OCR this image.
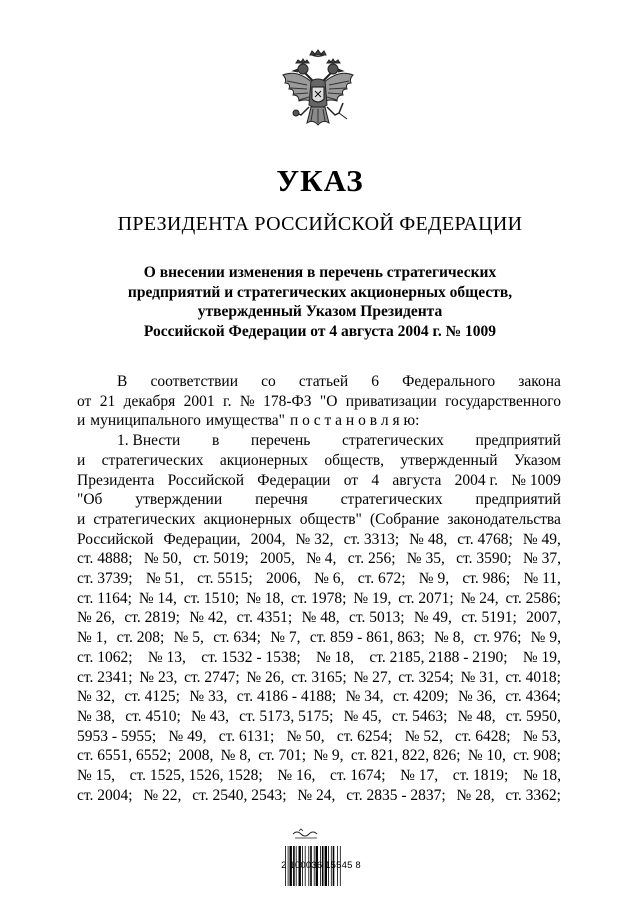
УКАЗ
ПРЕЗИДЕНТА РОССИЙСКОЙ ФЕДЕРАЦИИ
О внесении изменения в перечень стратегических
предприятий и стратегических акционерных обществ,
утвержденный Указом Президента
Российской Федерации от 4 августа 2004 г. № 1009
В соответствии со статьей 6 Федерального закона
от 21 декабря 2001 г. № 178-ФЗ "О приватизации государственного
и муниципального имущества" п о с т а н о в л я ю:
1. Внести в перечень стратегических предприятий
и стратегических акционерных обществ, утвержденный Указом
Президента Российской Федерации от 4 августа 2004 г. № 1009
"Об утверждении перечня стратегических предприятий
и стратегических акционерных обществ" (Собрание законодательства
Российской Федерации, 2004, № 32, ст. 3313; № 48, ст. 4768; № 49,
ст. 4888; № 50, ст. 5019; 2005, № 4, ст. 256; № 35, ст. 3590; № 37,
ст. 3739; № 51, ст. 5515; 2006, № 6, ст. 672; № 9, ст. 986; № 11,
ст. 1164; № 14, ст. 1510; № 18, ст. 1978; № 19, ст. 2071; № 24, ст. 2586;
№ 26, ст. 2819; № 42, ст. 4351; № 48, ст. 5013; № 49, ст. 5191; 2007,
№ 1, ст. 208; № 5, ст. 634; № 7, ст. 859 - 861, 863; № 8, ст. 976; № 9,
ст. 1062; № 13, ст. 1532 - 1538; № 18, ст. 2185, 2188 - 2190; № 19,
ст. 2341; № 23, ст. 2747; № 26, ст. 3165; № 27, ст. 3254; № 31, ст. 4018;
№ 32, ст. 4125; № 33, ст. 4186 - 4188; № 34, ст. 4209; № 36, ст. 4364;
№ 38, ст. 4510; № 43, ст. 5173, 5175; № 45, ст. 5463; № 48, ст. 5950,
5953 - 5955; № 49, ст. 6131; № 50, ст. 6254; № 52, ст. 6428; № 53,
ст. 6551, 6552; 2008, № 8, ст. 701; № 9, ст. 821, 822, 826; № 10, ст. 908;
№ 15, ст. 1525, 1526, 1528; № 16, ст. 1674; № 17, ст. 1819; № 18,
ст. 2004; № 22, ст. 2540, 2543; № 24, ст. 2835 - 2837; № 28, ст. 3362;
2 100036 15545 8
